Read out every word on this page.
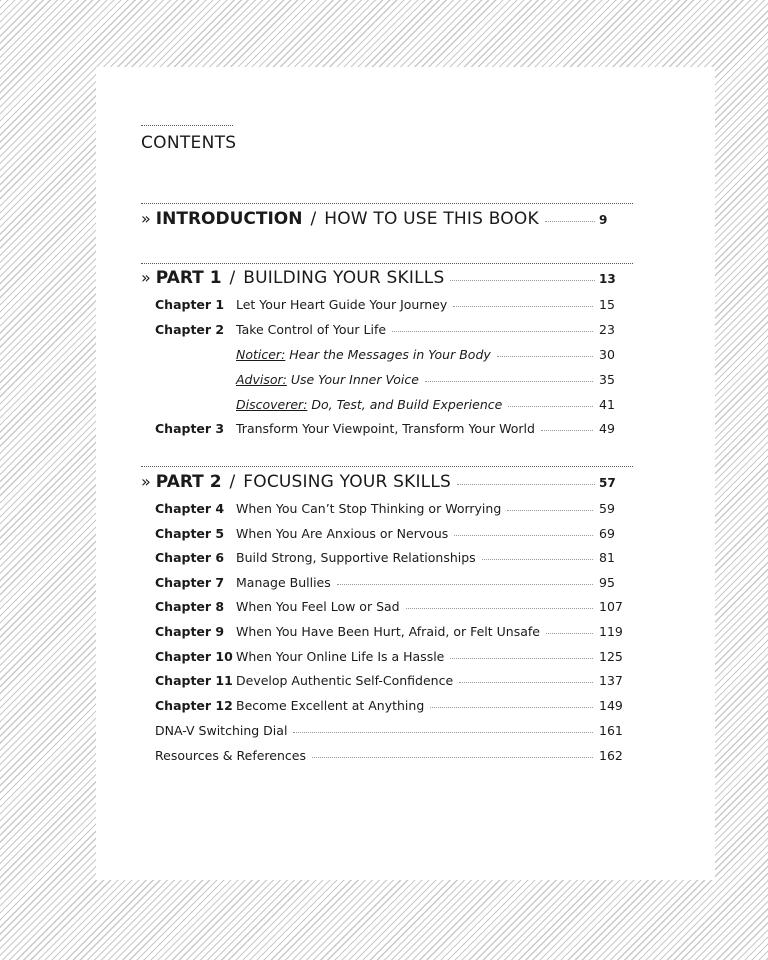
CONTENTS
» INTRODUCTION / HOW TO USE THIS BOOK	9
» PART 1 / BUILDING YOUR SKILLS	13
Chapter 1 Let Your Heart Guide Your Journey	15
Chapter 2 Take Control of Your Life	23
Noticer: Hear the Messages in Your Body	30
Advisor: Use Your Inner Voice	35
Discoverer: Do, Test, and Build Experience	41
Chapter 3 Transform Your Viewpoint, Transform Your World	49
» PART 2 / FOCUSING YOUR SKILLS	57
Chapter 4 When You Can’t Stop Thinking or Worrying	59
Chapter 5 When You Are Anxious or Nervous	69
Chapter 6 Build Strong, Supportive Relationships	81
Chapter 7 Manage Bullies	95
Chapter 8 When You Feel Low or Sad	107
Chapter 9 When You Have Been Hurt, Afraid, or Felt Unsafe	119
Chapter 10 When Your Online Life Is a Hassle	125
Chapter 11 Develop Authentic Self-Confidence	137
Chapter 12 Become Excellent at Anything	149
DNA-V Switching Dial	161
Resources & References	162
